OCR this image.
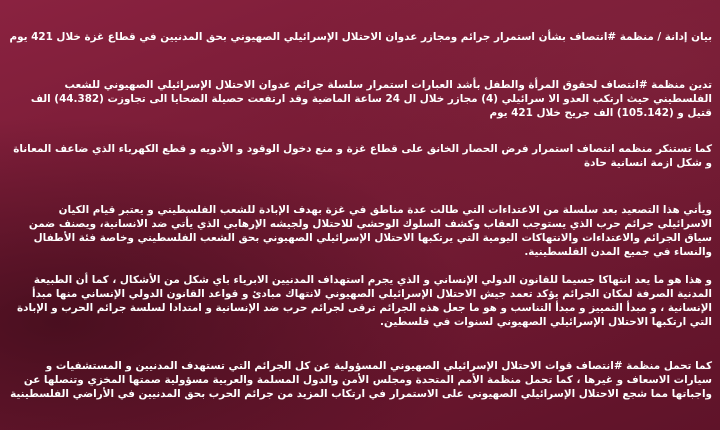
بيان إدانة / منظمة #انتصاف بشأن استمرار جرائم ومجازر عدوان الاحتلال الإسرائيلي الصهيوني بحق المدنيين في قطاع غزة خلال 421 يوم

تدين منظمة #انتصاف لحقوق المرأة والطفل بأشد العبارات استمرار سلسلة جرائم عدوان الاحتلال الإسرائيلي الصهيوني للشعب الفلسطيني حيث ارتكب العدو الا سرائيلي (4) مجازر خلال ال 24 ساعة الماضية وقد ارتفعت حصيلة الضحايا الى تجاوزت (44.382) الف قتيل و (105.142) الف جريح خلال 421 يوم

كما تستنكر منظمه انتصاف استمرار فرض الحصار الخانق على قطاع غزة و منع دخول الوقود و الأدويه و قطع الكهرباء الذي ضاعف المعاناة و شكل ازمة انسانية حادة

ويأتي هذا التصعيد بعد سلسلة من الاعتداءات التي طالت عدة مناطق في غزة بهدف الإبادة للشعب الفلسطيني و يعتبر قيام الكيان الاسرائيلي جرائم حرب الذي يستوجب العقاب وكشف السلوك الوحشي للاحتلال ولجيشه الإرهابي الذي يأتي ضد الانسانية، ويصنف ضمن سياق الجرائم والاعتداءات والانتهاكات اليومية التي يرتكبها الاحتلال الإسرائيلي الصهيوني بحق الشعب الفلسطيني وخاصة فئة الأطفال والنساء في جميع المدن الفلسطينية.

و هذا هو ما يعد انتهاكا جسيما للقانون الدولي الإنساني و الذي يجرم استهداف المدنيين الابرياء باي شكل من الأشكال ، كما أن الطبيعة المدنية الصرفة لمكان الجرائم يؤكد تعمد جيش الاحتلال الإسرائيلي الصهيوني لانتهاك مبادئ و قواعد القانون الدولي الإنساني منها مبدأ الإنسانية ، و مبدأ التمييز و مبدأ التناسب و هو ما جعل هذه الجرائم ترقى لجرائم حرب ضد الإنسانية و امتدادا لسلسة جرائم الحرب و الإبادة التي ارتكبها الاحتلال الإسرائيلي الصهيوني لسنوات في فلسطين.

كما تحمل منظمة #انتصاف قوات الاحتلال الإسرائيلي الصهيوني المسؤولية عن كل الجرائم التي تستهدف المدنيين و المستشفيات و سيارات الاسعاف و غيرها ، كما تحمل منظمة الأمم المتحدة ومجلس الأمن والدول المسلمة والعربية مسؤولية صمتها المخزي وتنصلها عن واجباتها مما شجع الاحتلال الإسرائيلي الصهيوني على الاستمرار في ارتكاب المزيد من جرائم الحرب بحق المدنيين في الأراضي الفلسطينية
